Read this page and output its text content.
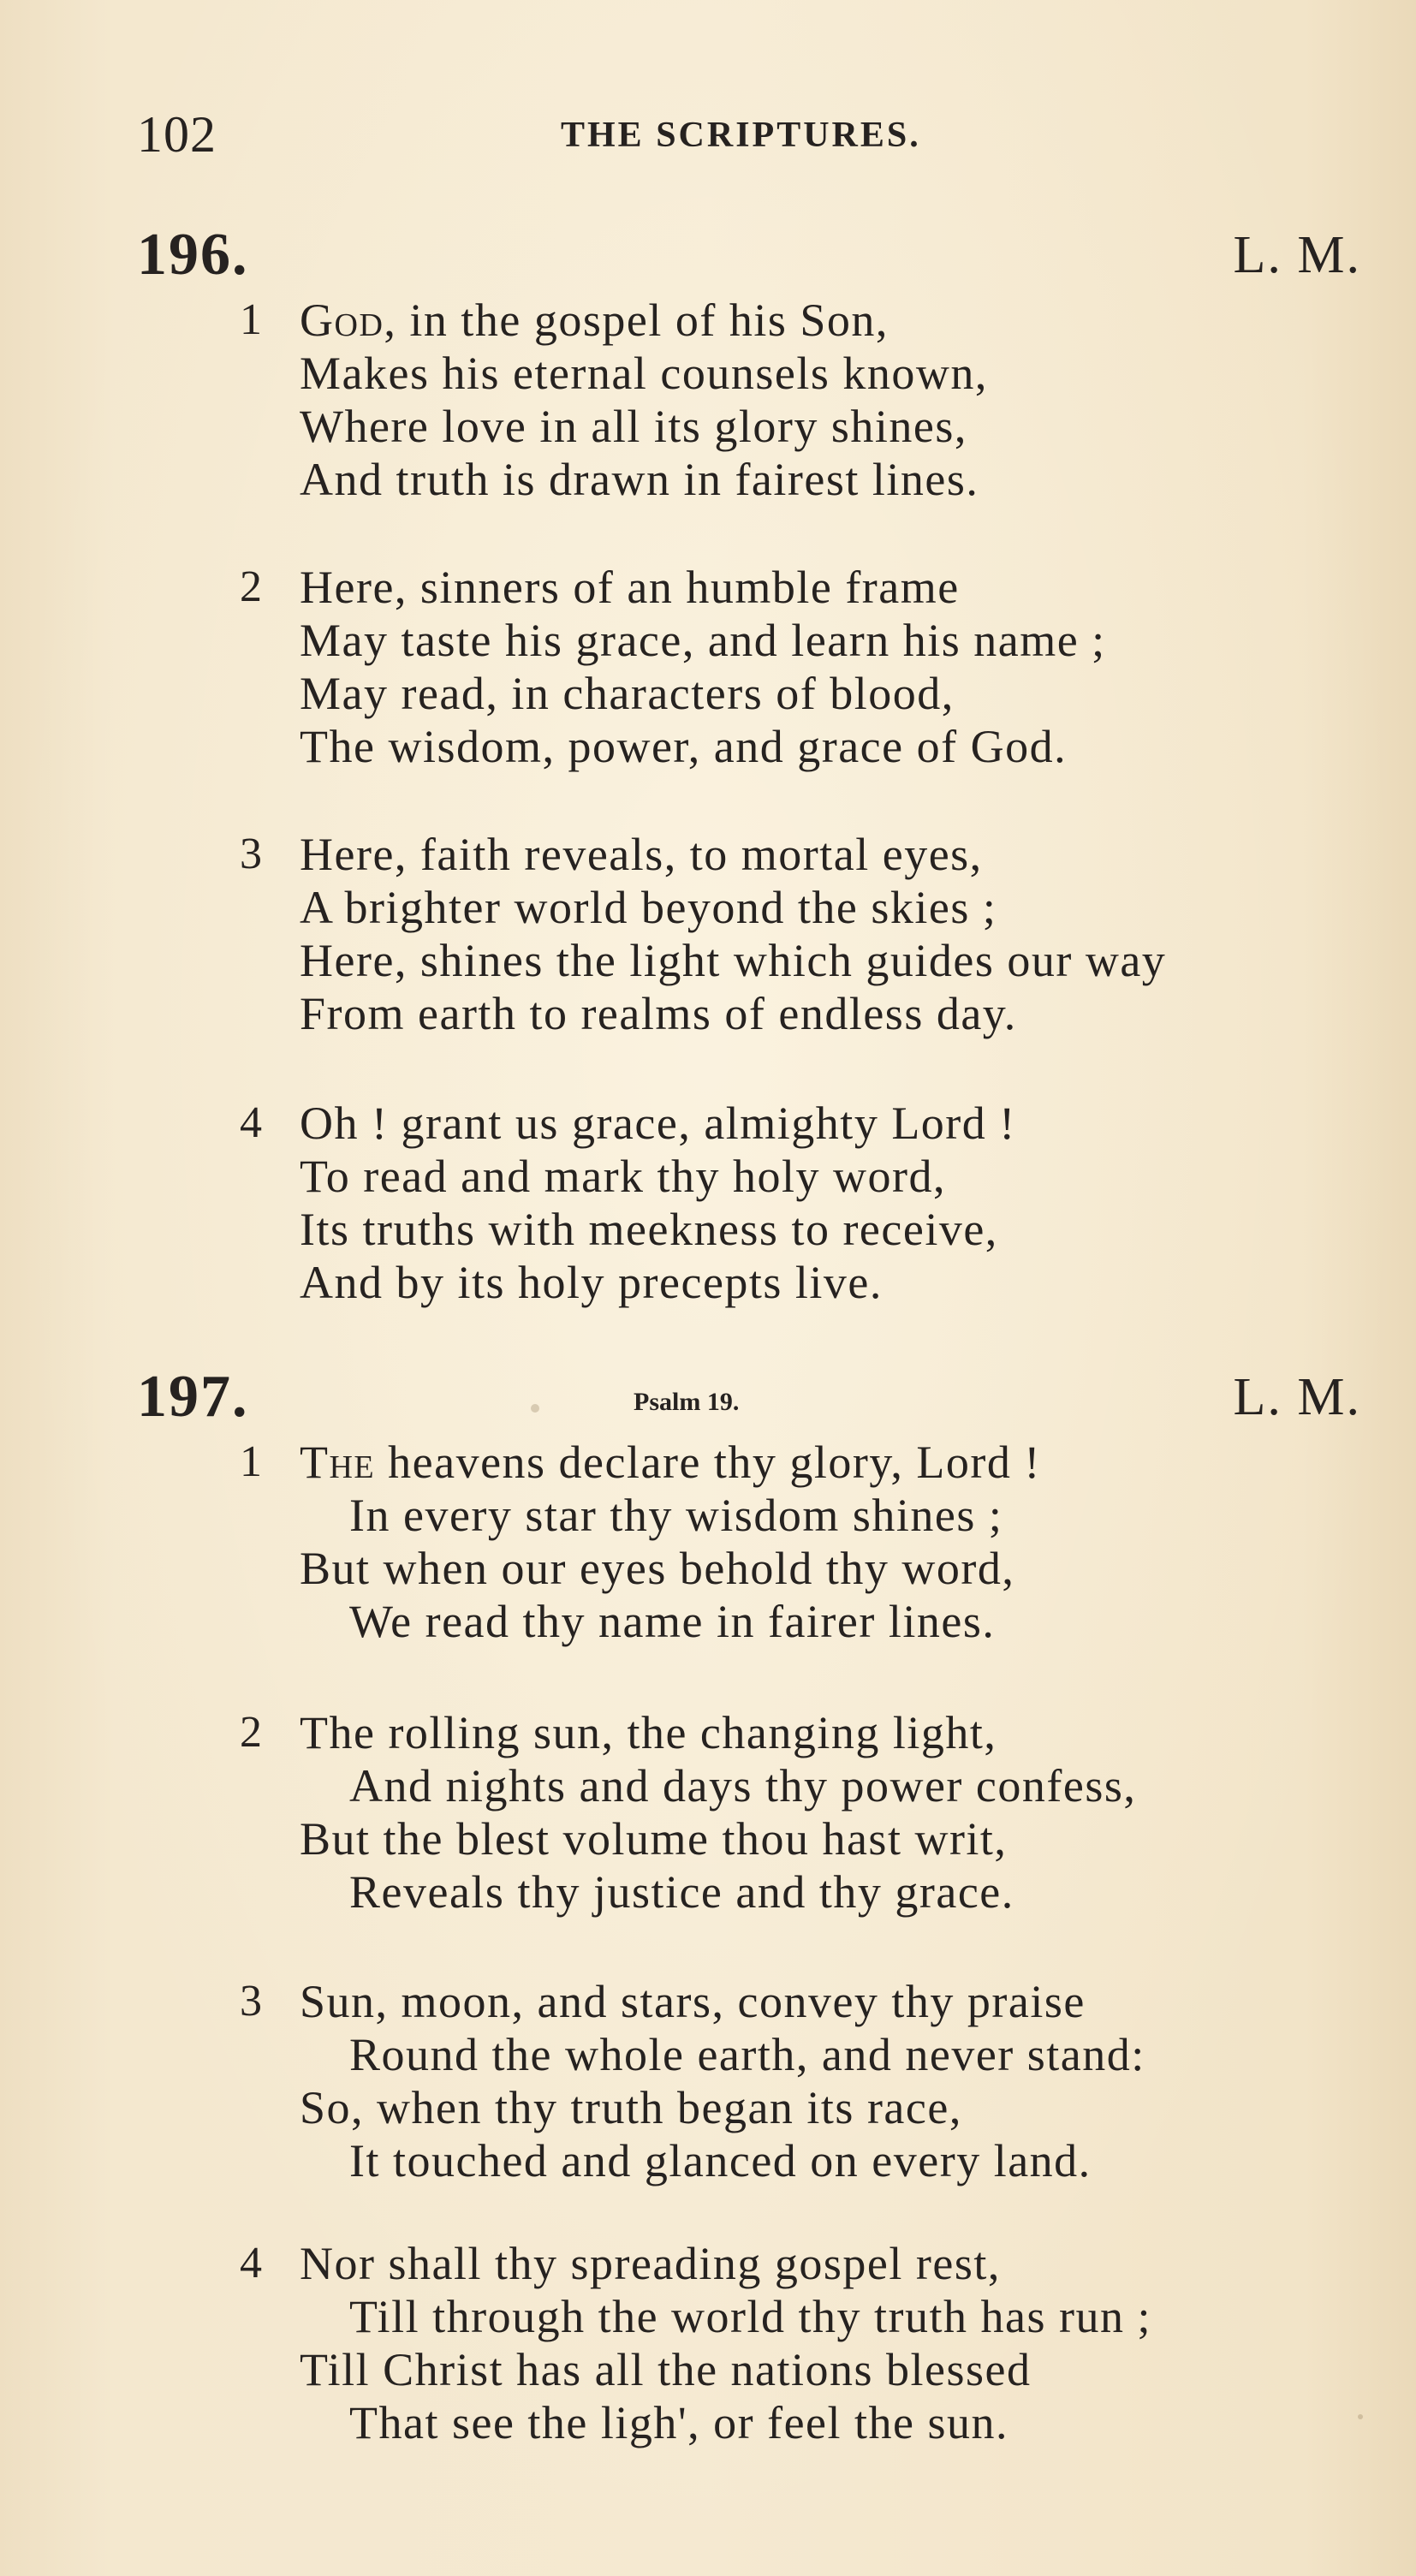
102	THE SCRIPTURES.
196.	L. M.
1 God, in the gospel of his Son,
Makes his eternal counsels known,
Where love in all its glory shines,
And truth is drawn in fairest lines.
2 Here, sinners of an humble frame
May taste his grace, and learn his name ;
May read, in characters of blood,
The wisdom, power, and grace of God.
3 Here, faith reveals, to mortal eyes,
A brighter world beyond the skies ;
Here, shines the light which guides our way
From earth to realms of endless day.
4 Oh ! grant us grace, almighty Lord !
To read and mark thy holy word,
Its truths with meekness to receive,
And by its holy precepts live.
197.	Psalm 19.	L. M.
1 The heavens declare thy glory, Lord !
In every star thy wisdom shines ;
But when our eyes behold thy word,
We read thy name in fairer lines.
2 The rolling sun, the changing light,
And nights and days thy power confess,
But the blest volume thou hast writ,
Reveals thy justice and thy grace.
3 Sun, moon, and stars, convey thy praise
Round the whole earth, and never stand:
So, when thy truth began its race,
It touched and glanced on every land.
4 Nor shall thy spreading gospel rest,
Till through the world thy truth has run ;
Till Christ has all the nations blessed
That see the ligh', or feel the sun.
